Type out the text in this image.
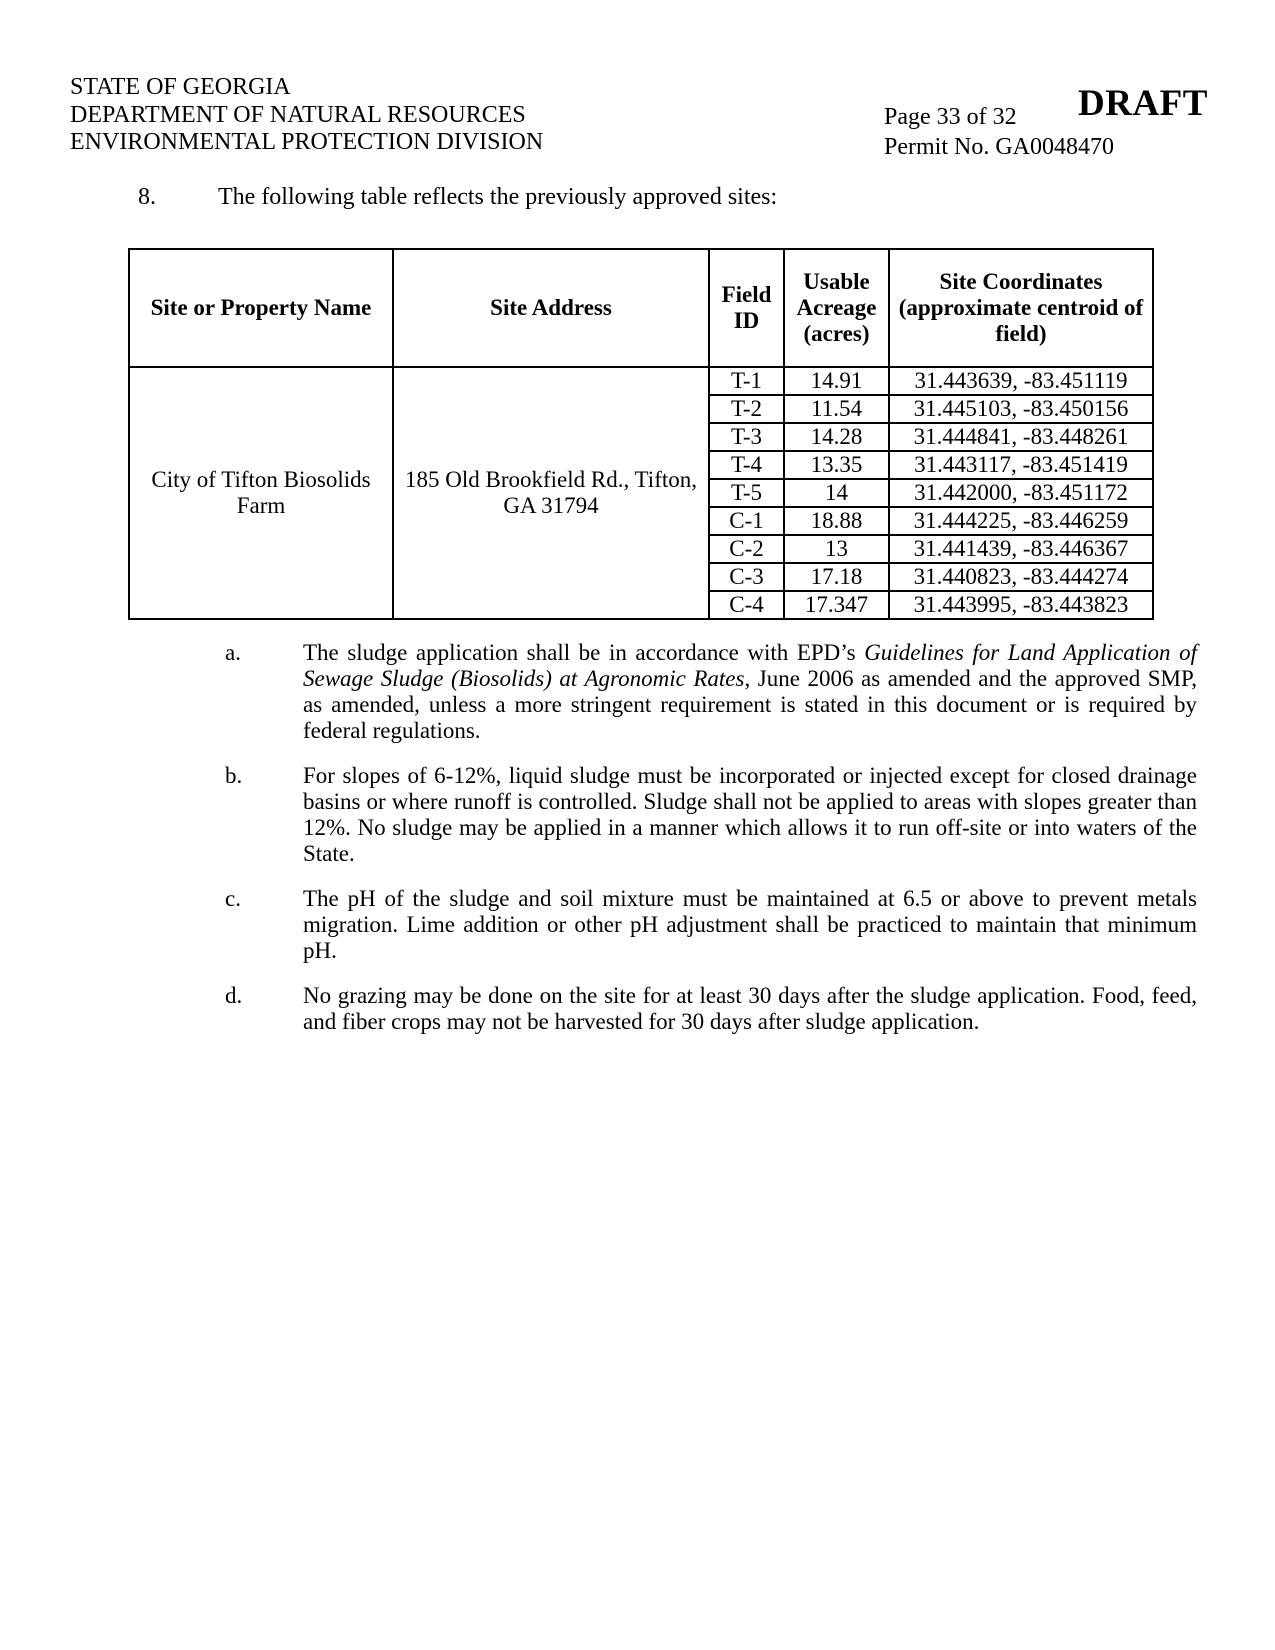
STATE OF GEORGIA
DEPARTMENT OF NATURAL RESOURCES
ENVIRONMENTAL PROTECTION DIVISION
Page 33 of 32
Permit No. GA0048470
DRAFT
8.	The following table reflects the previously approved sites:
Site or Property Name	Site Address	Field ID	Usable Acreage (acres)	Site Coordinates (approximate centroid of field)
City of Tifton Biosolids Farm	185 Old Brookfield Rd., Tifton, GA 31794	T-1	14.91	31.443639, -83.451119
		T-2	11.54	31.445103, -83.450156
		T-3	14.28	31.444841, -83.448261
		T-4	13.35	31.443117, -83.451419
		T-5	14	31.442000, -83.451172
		C-1	18.88	31.444225, -83.446259
		C-2	13	31.441439, -83.446367
		C-3	17.18	31.440823, -83.444274
		C-4	17.347	31.443995, -83.443823
a.	The sludge application shall be in accordance with EPD’s Guidelines for Land Application of Sewage Sludge (Biosolids) at Agronomic Rates, June 2006 as amended and the approved SMP, as amended, unless a more stringent requirement is stated in this document or is required by federal regulations.
b.	For slopes of 6-12%, liquid sludge must be incorporated or injected except for closed drainage basins or where runoff is controlled. Sludge shall not be applied to areas with slopes greater than 12%. No sludge may be applied in a manner which allows it to run off-site or into waters of the State.
c.	The pH of the sludge and soil mixture must be maintained at 6.5 or above to prevent metals migration. Lime addition or other pH adjustment shall be practiced to maintain that minimum pH.
d.	No grazing may be done on the site for at least 30 days after the sludge application. Food, feed, and fiber crops may not be harvested for 30 days after sludge application.
